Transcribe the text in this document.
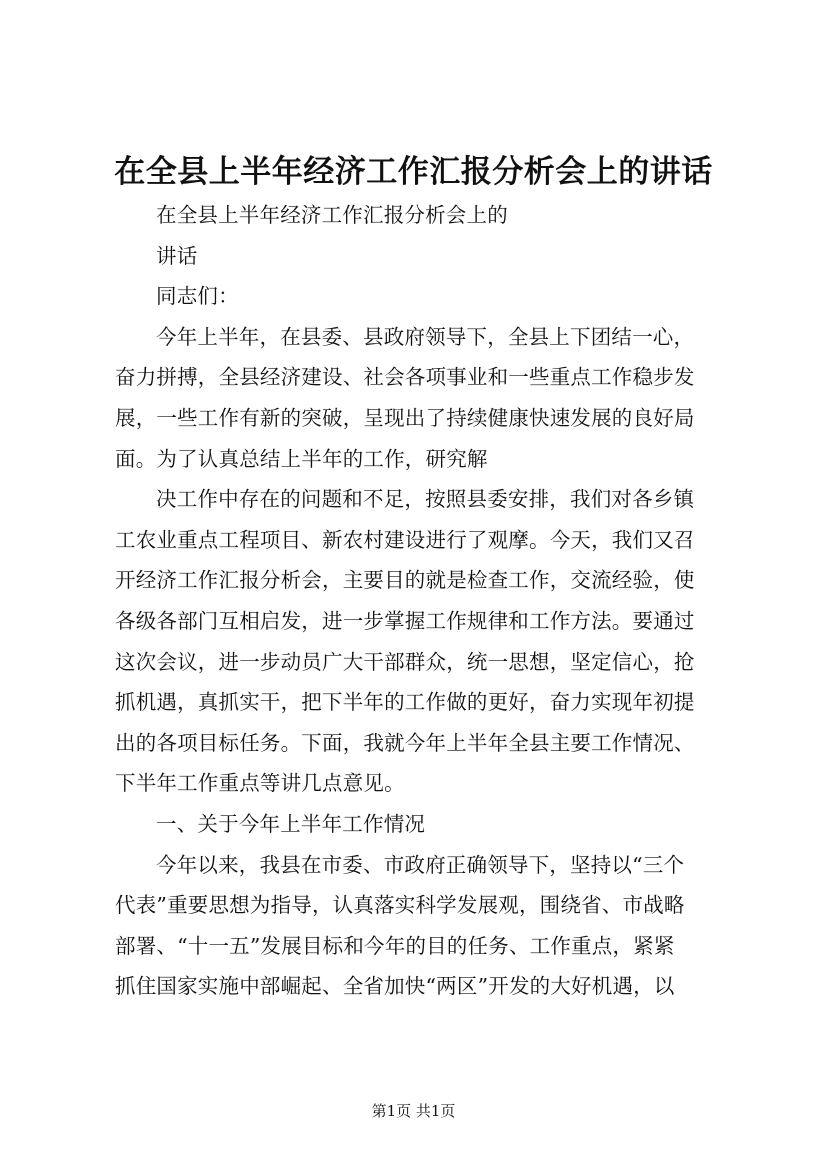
在全县上半年经济工作汇报分析会上的讲话
在全县上半年经济工作汇报分析会上的
讲话
同志们：
今年上半年，在县委、县政府领导下，全县上下团结一心，
奋力拼搏，全县经济建设、社会各项事业和一些重点工作稳步发
展，一些工作有新的突破，呈现出了持续健康快速发展的良好局
面。为了认真总结上半年的工作，研究解
决工作中存在的问题和不足，按照县委安排，我们对各乡镇
工农业重点工程项目、新农村建设进行了观摩。今天，我们又召
开经济工作汇报分析会，主要目的就是检查工作，交流经验，使
各级各部门互相启发，进一步掌握工作规律和工作方法。要通过
这次会议，进一步动员广大干部群众，统一思想，坚定信心，抢
抓机遇，真抓实干，把下半年的工作做的更好，奋力实现年初提
出的各项目标任务。下面，我就今年上半年全县主要工作情况、
下半年工作重点等讲几点意见。
一、关于今年上半年工作情况
今年以来，我县在市委、市政府正确领导下，坚持以“三个
代表”重要思想为指导，认真落实科学发展观，围绕省、市战略
部署、“十一五”发展目标和今年的目的任务、工作重点，紧紧
抓住国家实施中部崛起、全省加快“两区”开发的大好机遇，以
第1页 共1页
